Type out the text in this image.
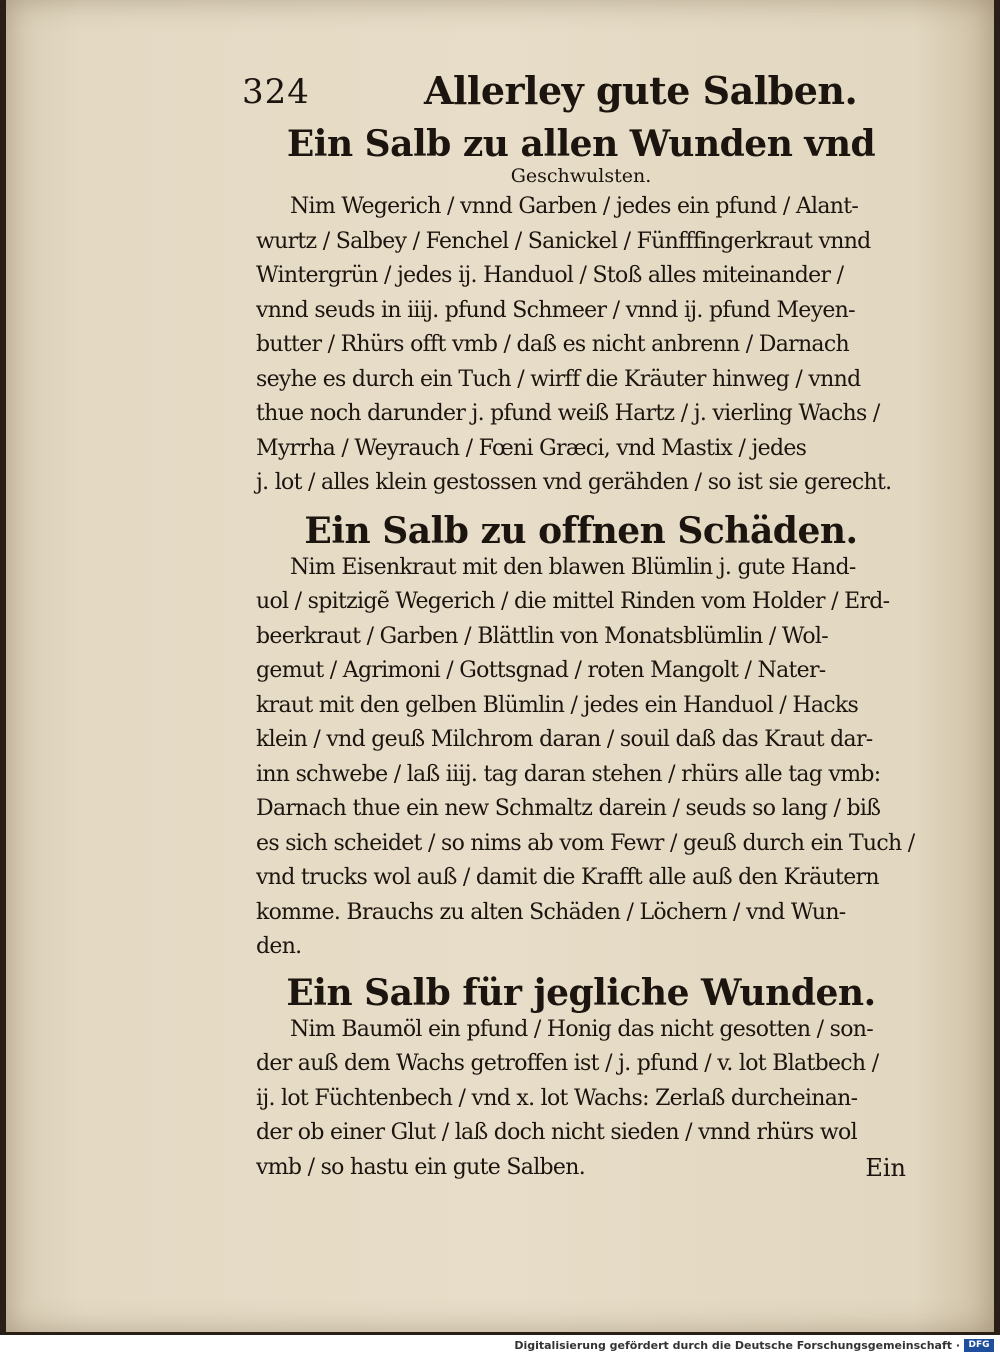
324	Allerley gute Salben.
Ein Salb zu allen Wunden vnd
Geschwulsten.
Nim Wegerich / vnnd Garben / jedes ein pfund / Alant-
wurtz / Salbey / Fenchel / Sanickel / Fünfffingerkraut vnnd
Wintergrün / jedes ij. Handuol / Stoß alles miteinander /
vnnd seuds in iiij. pfund Schmeer / vnnd ij. pfund Meyen-
butter / Rhürs offt vmb / daß es nicht anbrenn / Darnach
seyhe es durch ein Tuch / wirff die Kräuter hinweg / vnnd
thue noch darunder j. pfund weiß Hartz / j. vierling Wachs /
Myrrha / Weyrauch / Fœni Græci, vnd Mastix / jedes
j. lot / alles klein gestossen vnd gerähden / so ist sie gerecht.
Ein Salb zu offnen Schäden.
Nim Eisenkraut mit den blawen Blümlin j. gute Hand-
uol / spitzigẽ Wegerich / die mittel Rinden vom Holder / Erd-
beerkraut / Garben / Blättlin von Monatsblümlin / Wol-
gemut / Agrimoni / Gottsgnad / roten Mangolt / Nater-
kraut mit den gelben Blümlin / jedes ein Handuol / Hacks
klein / vnd geuß Milchrom daran / souil daß das Kraut dar-
inn schwebe / laß iiij. tag daran stehen / rhürs alle tag vmb:
Darnach thue ein new Schmaltz darein / seuds so lang / biß
es sich scheidet / so nims ab vom Fewr / geuß durch ein Tuch /
vnd trucks wol auß / damit die Krafft alle auß den Kräutern
komme. Brauchs zu alten Schäden / Löchern / vnd Wun-
den.
Ein Salb für jegliche Wunden.
Nim Baumöl ein pfund / Honig das nicht gesotten / son-
der auß dem Wachs getroffen ist / j. pfund / v. lot Blatbech /
ij. lot Füchtenbech / vnd x. lot Wachs: Zerlaß durcheinan-
der ob einer Glut / laß doch nicht sieden / vnnd rhürs wol
vmb / so hastu ein gute Salben.	Ein
Digitalisierung gefördert durch die Deutsche Forschungsgemeinschaft · DFG
